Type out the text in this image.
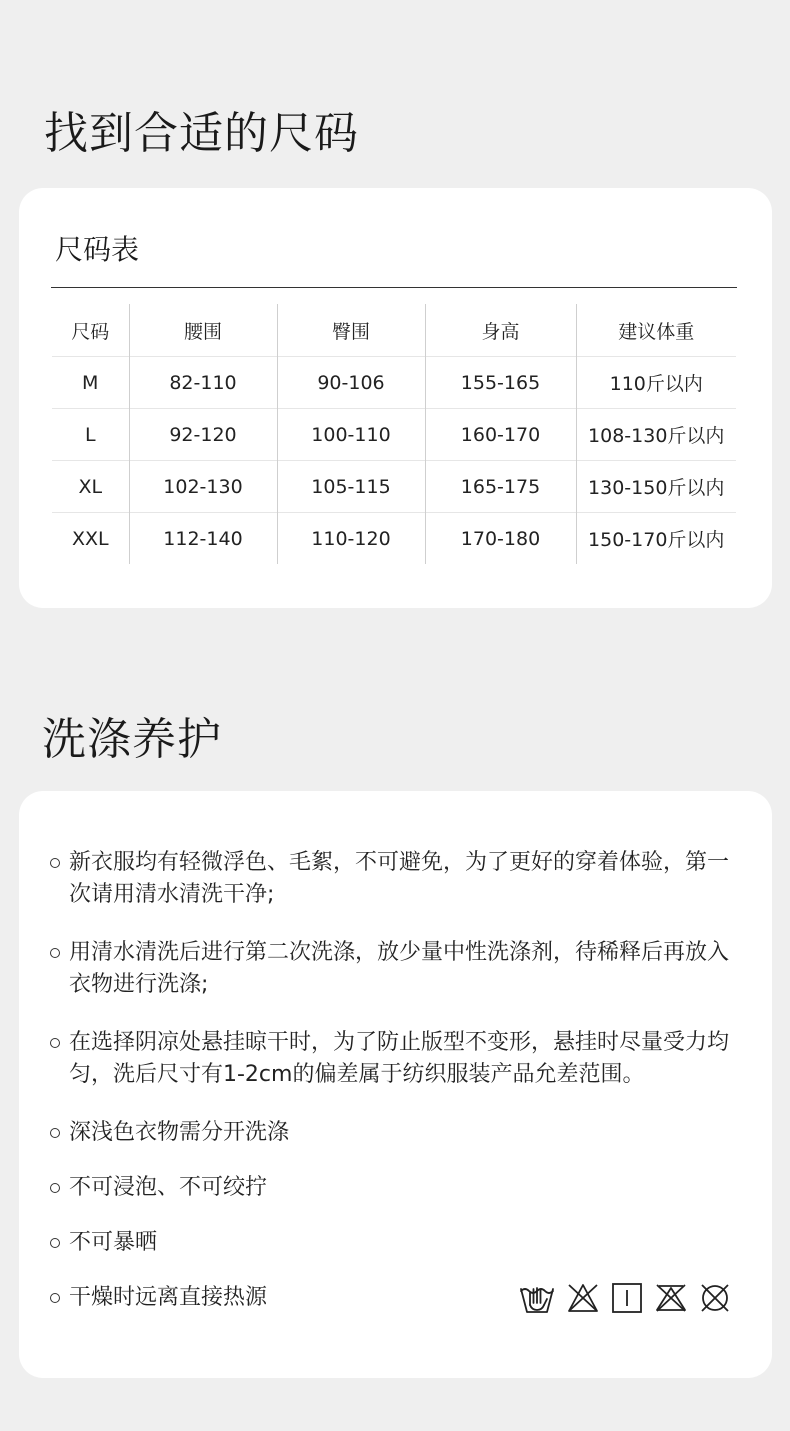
找到合适的尺码
尺码表
尺码	腰围	臀围	身高	建议体重
M	82-110	90-106	155-165	110斤以内
L	92-120	100-110	160-170	108-130斤以内
XL	102-130	105-115	165-175	130-150斤以内
XXL	112-140	110-120	170-180	150-170斤以内
洗涤养护
新衣服均有轻微浮色、毛絮，不可避免，为了更好的穿着体验，第一次请用清水清洗干净;
用清水清洗后进行第二次洗涤，放少量中性洗涤剂，待稀释后再放入衣物进行洗涤;
在选择阴凉处悬挂晾干时，为了防止版型不变形，悬挂时尽量受力均匀，洗后尺寸有1-2cm的偏差属于纺织服装产品允差范围。
深浅色衣物需分开洗涤
不可浸泡、不可绞拧
不可暴晒
干燥时远离直接热源
